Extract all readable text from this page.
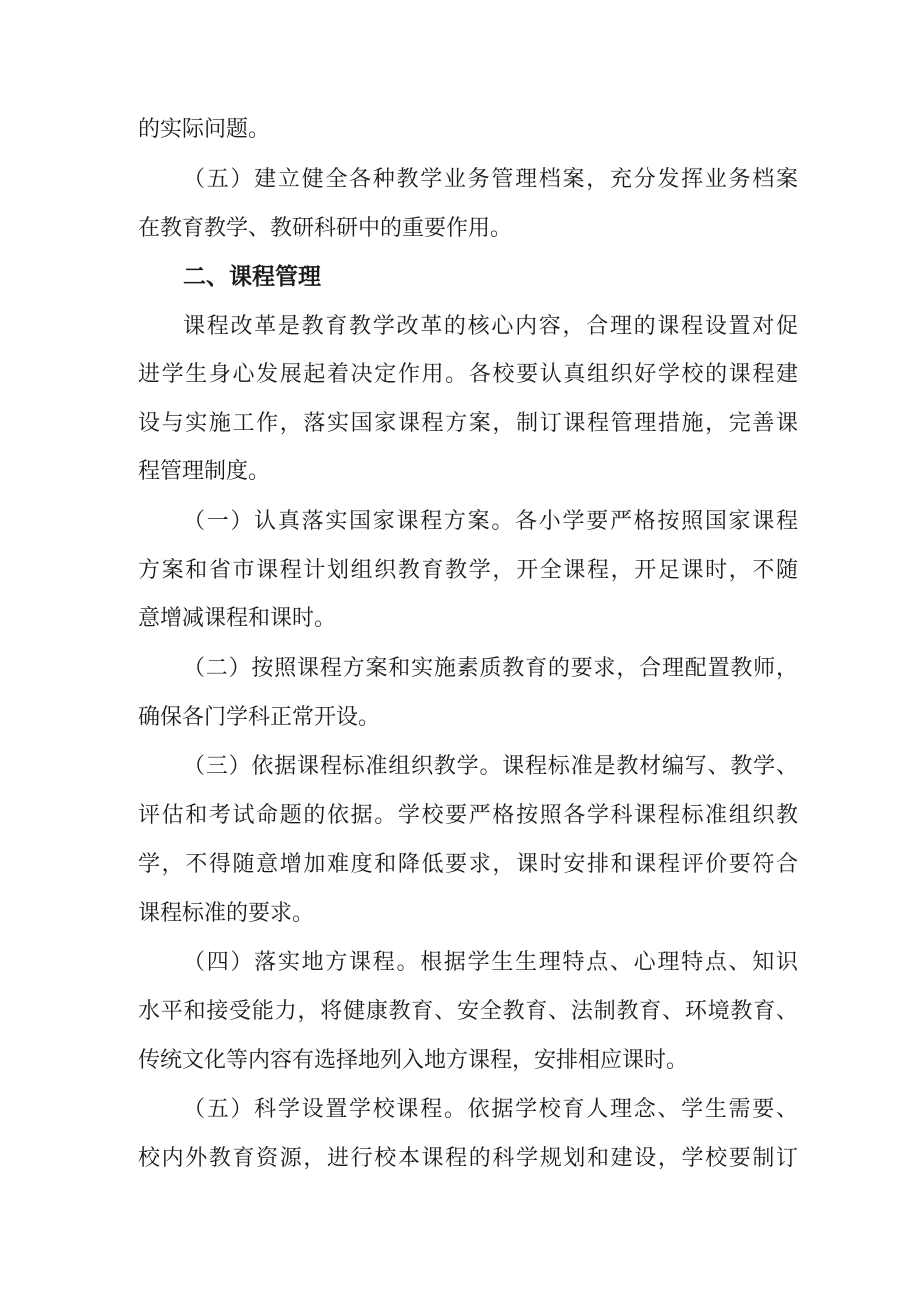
的实际问题。
（五）建立健全各种教学业务管理档案，充分发挥业务档案
在教育教学、教研科研中的重要作用。
二、课程管理
课程改革是教育教学改革的核心内容，合理的课程设置对促
进学生身心发展起着决定作用。各校要认真组织好学校的课程建
设与实施工作，落实国家课程方案，制订课程管理措施，完善课
程管理制度。
（一）认真落实国家课程方案。各小学要严格按照国家课程
方案和省市课程计划组织教育教学，开全课程，开足课时，不随
意增减课程和课时。
（二）按照课程方案和实施素质教育的要求，合理配置教师，
确保各门学科正常开设。
（三）依据课程标准组织教学。课程标准是教材编写、教学、
评估和考试命题的依据。学校要严格按照各学科课程标准组织教
学，不得随意增加难度和降低要求，课时安排和课程评价要符合
课程标准的要求。
（四）落实地方课程。根据学生生理特点、心理特点、知识
水平和接受能力，将健康教育、安全教育、法制教育、环境教育、
传统文化等内容有选择地列入地方课程，安排相应课时。
（五）科学设置学校课程。依据学校育人理念、学生需要、
校内外教育资源，进行校本课程的科学规划和建设，学校要制订
